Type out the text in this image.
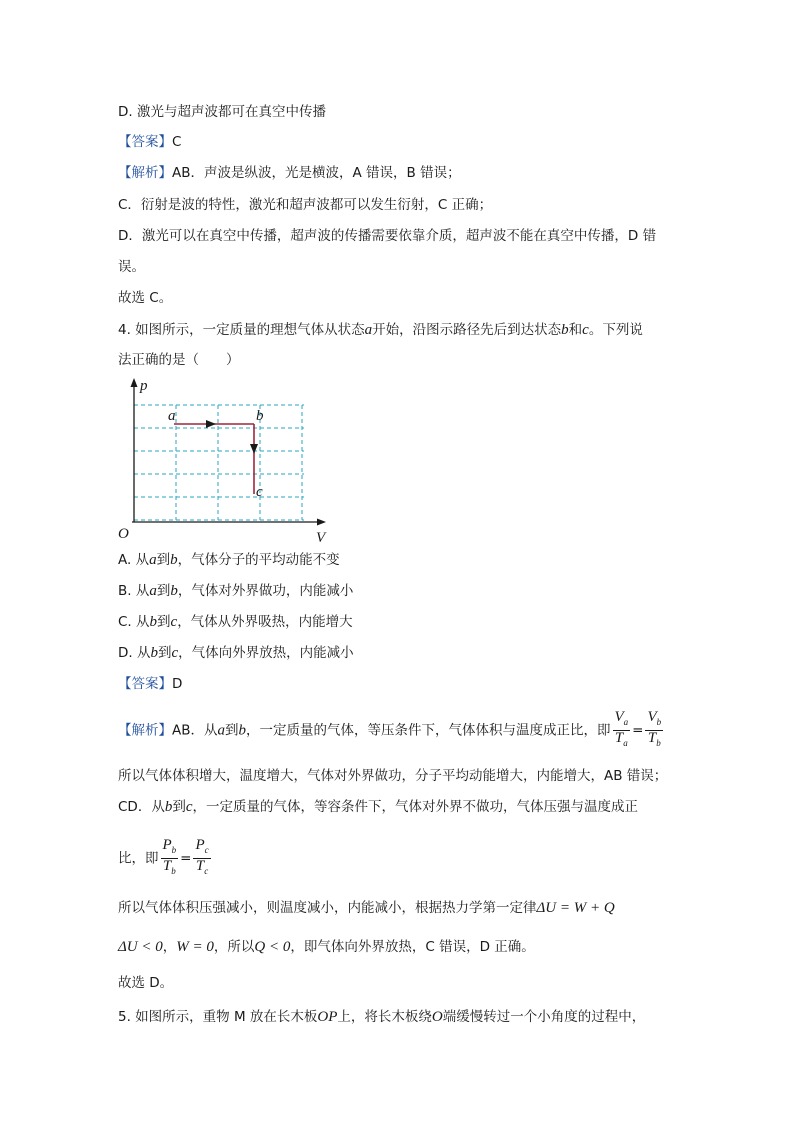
D. 激光与超声波都可在真空中传播
【答案】C
【解析】AB．声波是纵波，光是横波，A 错误，B 错误；
C．衍射是波的特性，激光和超声波都可以发生衍射，C 正确；
D．激光可以在真空中传播，超声波的传播需要依靠介质，超声波不能在真空中传播，D 错
误。
故选 C。
4. 如图所示，一定质量的理想气体从状态a开始，沿图示路径先后到达状态b和c。下列说
法正确的是（　　）
p
V
O
a	b
c
A. 从a到b，气体分子的平均动能不变
B. 从a到b，气体对外界做功，内能减小
C. 从b到c，气体从外界吸热，内能增大
D. 从b到c，气体向外界放热，内能减小
【答案】D
【解析】AB．从a到b，一定质量的气体，等压条件下，气体体积与温度成正比，即 $\frac{V_a}{T_a} = \frac{V_b}{T_b}$
所以气体体积增大，温度增大，气体对外界做功，分子平均动能增大，内能增大，AB 错误；
CD．从b到c，一定质量的气体，等容条件下，气体对外界不做功，气体压强与温度成正
比，即 $\frac{P_b}{T_b} = \frac{P_c}{T_c}$
所以气体体积压强减小，则温度减小，内能减小，根据热力学第一定律ΔU = W + Q
ΔU < 0，W = 0，所以Q < 0，即气体向外界放热，C 错误，D 正确。
故选 D。
5. 如图所示，重物 M 放在长木板OP上，将长木板绕O端缓慢转过一个小角度的过程中，
